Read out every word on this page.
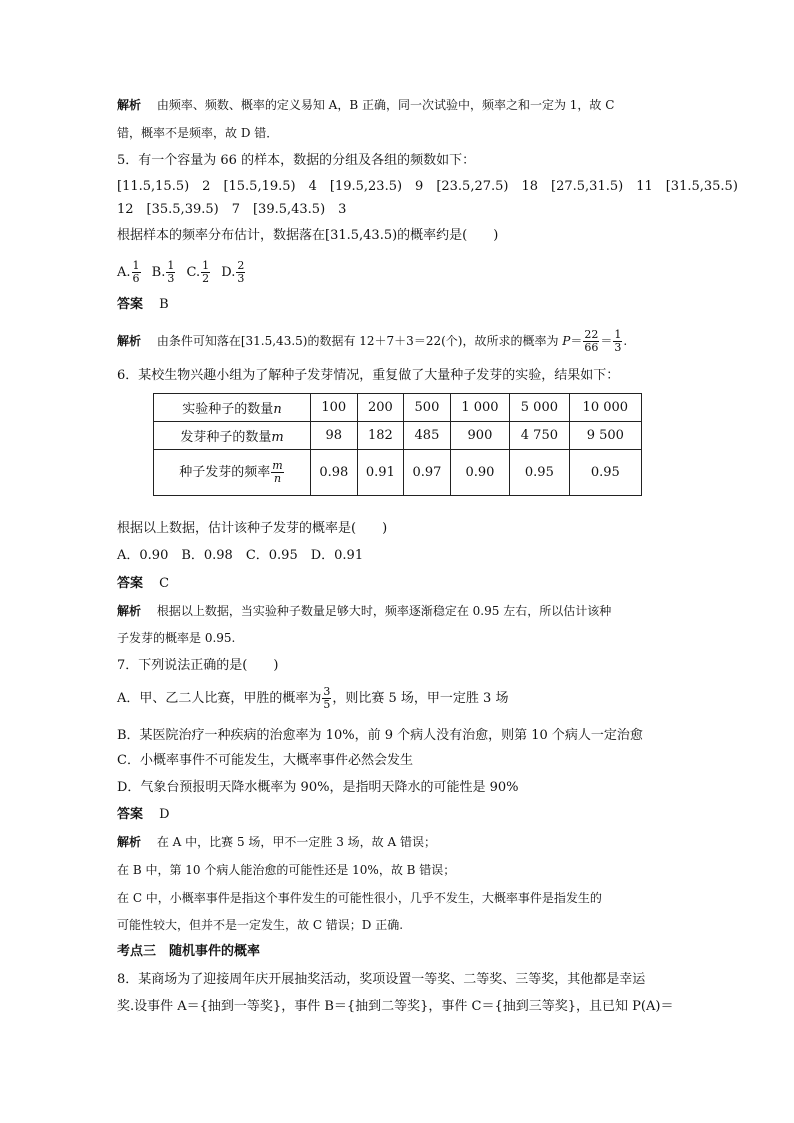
解析 由频率、频数、概率的定义易知 A，B 正确，同一次试验中，频率之和一定为 1，故 C
错，概率不是频率，故 D 错．
5．有一个容量为 66 的样本，数据的分组及各组的频数如下：
[11.5,15.5)　2　[15.5,19.5)　4　[19.5,23.5)　9　[23.5,27.5)　18　[27.5,31.5)　11　[31.5,35.5)
12　[35.5,39.5)　7　[39.5,43.5)　3
根据样本的频率分布估计，数据落在[31.5,43.5)的概率约是(　　)
A. $\frac{1}{6} B$. $\frac{1}{3} C$. $\frac{1}{2} D$. $\frac{2}{3}$
答案 B
解析 由条件可知落在[31.5,43.5)的数据有 12＋7＋3＝22(个)，故所求的概率为 $P= \frac{22}{66} = \frac{1}{3}$ .
6．某校生物兴趣小组为了解种子发芽情况，重复做了大量种子发芽的实验，结果如下：
实验种子的数量n	100	200	500	1 000	5 000	10 000
发芽种子的数量m	98	182	485	900	4 750	9 500
种子发芽的频率 $\frac{m}{n}$	0.98	0.91	0.97	0.90	0.95	0.95
根据以上数据，估计该种子发芽的概率是(　　)
A．0.90　B．0.98　C．0.95　D．0.91
答案 C
解析 根据以上数据，当实验种子数量足够大时，频率逐渐稳定在 0.95 左右，所以估计该种
子发芽的概率是 0.95.
7．下列说法正确的是(　　)
A．甲、乙二人比赛，甲胜的概率为 $\frac{3}{5}$ ，则比赛 5 场，甲一定胜 3 场
B．某医院治疗一种疾病的治愈率为 10%，前 9 个病人没有治愈，则第 10 个病人一定治愈
C．小概率事件不可能发生，大概率事件必然会发生
D．气象台预报明天降水概率为 90%，是指明天降水的可能性是 90%
答案 D
解析 在 A 中，比赛 5 场，甲不一定胜 3 场，故 A 错误；
在 B 中，第 10 个病人能治愈的可能性还是 10%，故 B 错误；
在 C 中，小概率事件是指这个事件发生的可能性很小，几乎不发生，大概率事件是指发生的
可能性较大，但并不是一定发生，故 C 错误；D 正确.
考点三　随机事件的概率
8．某商场为了迎接周年庆开展抽奖活动，奖项设置一等奖、二等奖、三等奖，其他都是幸运
奖.设事件 A＝{抽到一等奖}，事件 B＝{抽到二等奖}，事件 C＝{抽到三等奖}，且已知 P(A)＝
